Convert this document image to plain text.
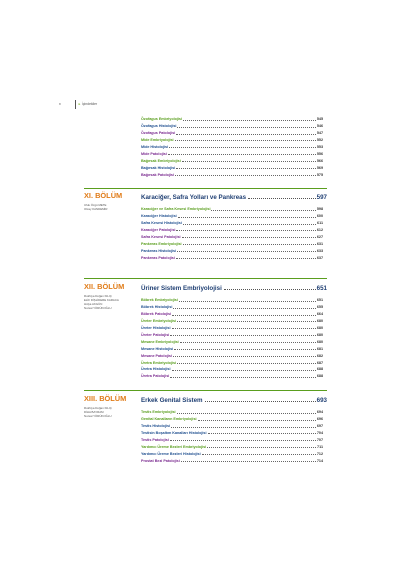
x	▸ İçindekiler
Özofagus Embriyolojisi	545
Özofagus Histolojisi	546
Özofagus Patolojisi	547
Mide Embriyolojisi	552
Mide Histolojisi	553
Mide Patolojisi	556
Bağırsak Embriyolojisi	566
Bağırsak Histolojisi	569
Bağırsak Patolojisi	575
XI. BÖLÜM
Ufuk Özgü METE
Olcay KANDEMİR
Karaciğer, Safra Yolları ve Pankreas	597
Karaciğer ve Safra Kesesi Embriyolojisi	598
Karaciğer Histolojisi	600
Safra Kesesi Histolojisi	611
Karaciğer Patolojisi	612
Safra Kesesi Patolojisi	627
Pankreas Embriyolojisi	631
Pankreas Histolojisi	633
Pankreas Patolojisi	637
XII. BÖLÜM
Rukhiya Doğan KILIÇ
ELİF DİŞLİDERE KARACA
Hülya AKGÜN
Nursal YÖRÜKOĞLU
Üriner Sistem Embriyolojisi	651
Böbrek Embriyolojisi	651
Böbrek Histolojisi	655
Böbrek Patolojisi	664
Üreter Embriyolojisi	680
Üreter Histolojisi	680
Üreter Patolojisi	680
Mesane Embriyolojisi	680
Mesane Histolojisi	681
Mesane Patolojisi	682
Üretra Embriyolojisi	687
Üretra Histolojisi	688
Üretra Patolojisi	688
XIII. BÖLÜM
Rukhiya Doğan KILIÇ
DİHA BAYRAM
Nursal YÖRÜKOĞLU
Erkek Genital Sistem	693
Testis Embriyolojisi	694
Genital Kanalların Embriyolojisi	696
Testis Histolojisi	697
Testisin Boşaltım Kanalları Histolojisi	704
Testis Patolojisi	707
Yardımcı Üreme Bezleri Embriyolojisi	711
Yardımcı Üreme Bezleri Histolojisi	712
Prostat Bezi Patolojisi	714
